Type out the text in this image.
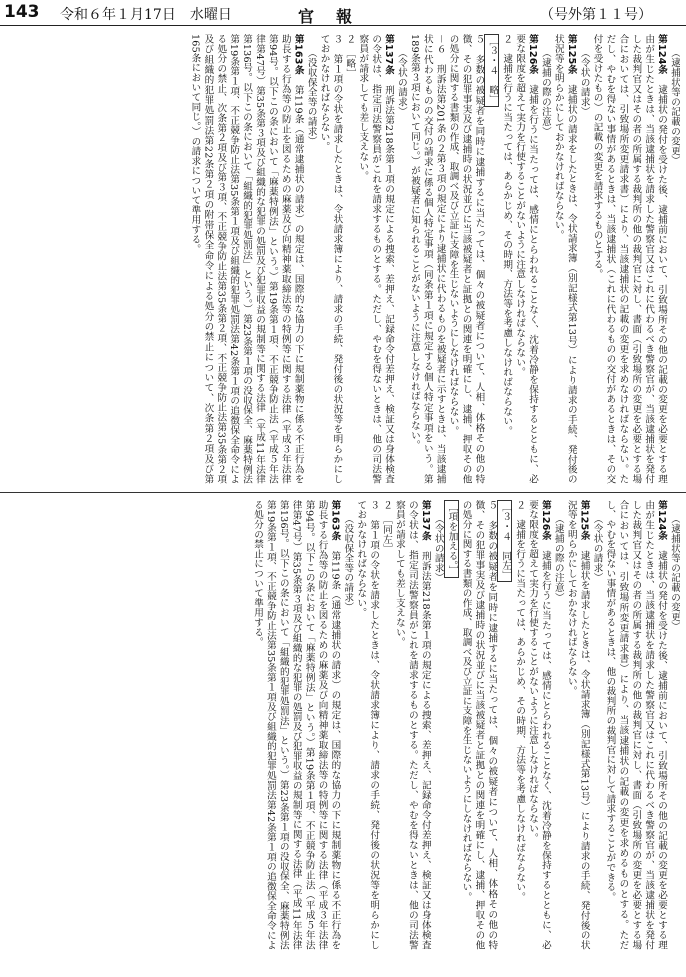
143 令和６年１月17日　水曜日	官報	（号外第１１号）
（逮捕状等の記載の変更）
第124条　逮捕状の発付を受けた後、逮捕前において、引致場所その他の記載の変更を必要とする理由が生じたときは、当該逮捕状を請求した警察官又はこれに代わるべき警察官が、当該逮捕状を発付した裁判官又はその者の所属する裁判所の他の裁判官に対し、書面（引致場所の変更を必要とする場合においては、引致場所変更請求書）により、当該逮捕状の記載の変更を求めなければならない。ただし、やむを得ない事情があるときは、当該逮捕状（これに代わるものの交付があるときは、その交付を受けたもの）の記載の変更を請求するものとする。
（令状の請求）
第125条　逮捕状の請求をしたときは、令状請求簿（別記様式第13号）により請求の手続、発付後の状況等を明らかにしておかなければならない。
（逮捕の際の注意）
第126条　逮捕を行うに当たっては、感情にとらわれることなく、沈着冷静を保持するとともに、必要な限度を超えて実力を行使することがないように注意しなければならない。
２　逮捕を行うに当たっては、あらかじめ、その時期、方法等を考慮しなければならない。
［３・４　略］
５　多数の被疑者を同時に逮捕するに当たっては、個々の被疑者について、人相、体格その他の特徴、その犯罪事実及び逮捕時の状況並びに当該被疑者と証拠との関連を明確にし、逮捕、押収その他の処分に関する書類の作成、取調べ及び立証に支障を生じないようにしなければならない。
－６　刑訴法第201条の２第３項の規定により逮捕状に代わるものを被疑者に示すときは、当該逮捕状に代わるものの交付の請求に係る個人特定事項（同条第１項に規定する個人特定事項をいう。第189条第３項において同じ。）が被疑者に知られることがないように注意しなければならない。
（令状の請求）
第137条　刑訴法第218条第１項の規定による捜索、差押え、記録命令付差押え、検証又は身体検査の令状は、指定司法警察員がこれを請求するものとする。ただし、やむを得ないときは、他の司法警察員が請求しても差し支えない。
２　［略］
３　第１項の令状を請求したときは、令状請求簿により、請求の手続、発付後の状況等を明らかにしておかなければならない。
（没収保全等の請求）
第163条　第119条（通常逮捕状の請求）の規定は、国際的な協力の下に規制薬物に係る不正行為を助長する行為等の防止を図るための麻薬及び向精神薬取締法等の特例等に関する法律（平成３年法律第94号。以下この条において「麻薬特例法」という。）第19条第１項、不正競争防止法（平成５年法律第47号）第35条第３項及び組織的な犯罪の処罰及び犯罪収益の規制等に関する法律（平成11年法律第136号。以下この条において「組織的犯罪処罰法」という。）第23条第１項の没収保全、麻薬特例法第19条第１項、不正競争防止法第35条第１項及び組織的犯罪処罰法第42条第１項の追徴保全命令による処分の禁止、次条第２項及び第３項、不正競争防止法第35条第２項、不正競争防止法第35条第２項及び組織的犯罪処罰法第22条第２項の附帯保全命令による処分の禁止について、次条第２項及び第165条において同じ。）の請求について準用する。
（逮捕状等の記載の変更）
第124条　逮捕状の発付を受けた後、逮捕前において、引致場所その他の記載の変更を必要とする理由が生じたときは、当該逮捕状を請求した警察官又はこれに代わるべき警察官が、当該逮捕状を発付した裁判官又はその者の所属する裁判所の他の裁判官に対し、書面（引致場所の変更を必要とする場合においては、引致場所変更請求書）により、当該逮捕状の記載の変更を求めるものとする。ただし、やむを得ない事情があるときは、他の裁判所の裁判官に対して請求することができる。
（令状の請求）
第125条　逮捕状を請求したときは、令状請求簿（別記様式第13号）により請求の手続、発付後の状況等を明らかにしておかなければならない。
（逮捕の際の注意）
第126条　逮捕を行うに当たっては、感情にとらわれることなく、沈着冷静を保持するとともに、必要な限度を超えて実力を行使することがないように注意しなければならない。
２　逮捕を行うに当たっては、あらかじめ、その時期、方法等を考慮しなければならない。
［３・４　同左］
５　多数の被疑者を同時に逮捕するに当たっては、個々の被疑者について、人相、体格その他の特徴、その犯罪事実及び逮捕時の状況並びに当該被疑者と証拠との関連を明確にし、逮捕、押収その他の処分に関する書類の作成、取調べ及び立証に支障を生じないようにしなければならない。
［項を加える。］
（令状の請求）
第137条　刑訴法第218条第１項の規定による捜索、差押え、記録命令付差押え、検証又は身体検査の令状は、指定司法警察員がこれを請求するものとする。ただし、やむを得ないときは、他の司法警察員が請求しても差し支えない。
２　［同左］
３　第１項の令状を請求したときは、令状請求簿により、請求の手続、発付後の状況等を明らかにしておかなければならない。
（没収保全等の請求）
第163条　第119条（通常逮捕状の請求）の規定は、国際的な協力の下に規制薬物に係る不正行為を助長する行為等の防止を図るための麻薬及び向精神薬取締法等の特例等に関する法律（平成３年法律第94号。以下この条において「麻薬特例法」という。）第19条第１項、不正競争防止法（平成５年法律第47号）第35条第３項及び組織的な犯罪の処罰及び犯罪収益の規制等に関する法律（平成11年法律第136号。以下この条において「組織的犯罪処罰法」という。）第23条第１項の没収保全、麻薬特例法第19条第１項、不正競争防止法第35条第１項及び組織的犯罪処罰法第42条第１項の追徴保全命令による処分の禁止について準用する。
